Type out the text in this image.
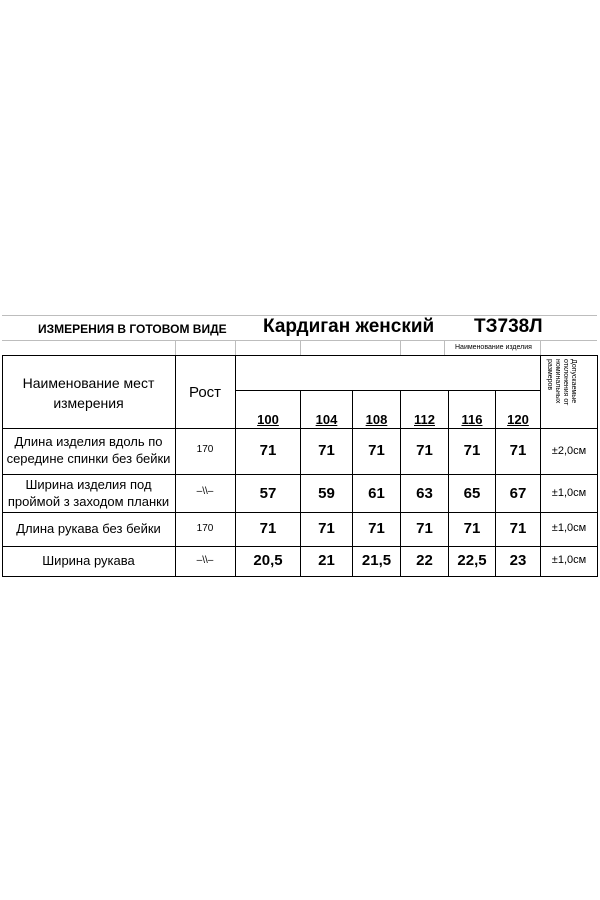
ИЗМЕРЕНИЯ В ГОТОВОМ ВИДЕ Кардиган женский ТЗ738Л
Наименование изделия
Наименование мест
измерения
Рост	Допускаемые
отклонения от
номинальных
размеров
100	104	108	112	116	120
Длина изделия вдоль по
середине спинки без бейки
170	71	71	71	71	71	71	±2,0см
Ширина изделия под
проймой з заходом планки
–\\–	57	59	61	63	65	67	±1,0см
Длина рукава без бейки	170	71	71	71	71	71	71	±1,0см
Ширина рукава	–\\–	20,5	21	21,5	22	22,5	23	±1,0см
